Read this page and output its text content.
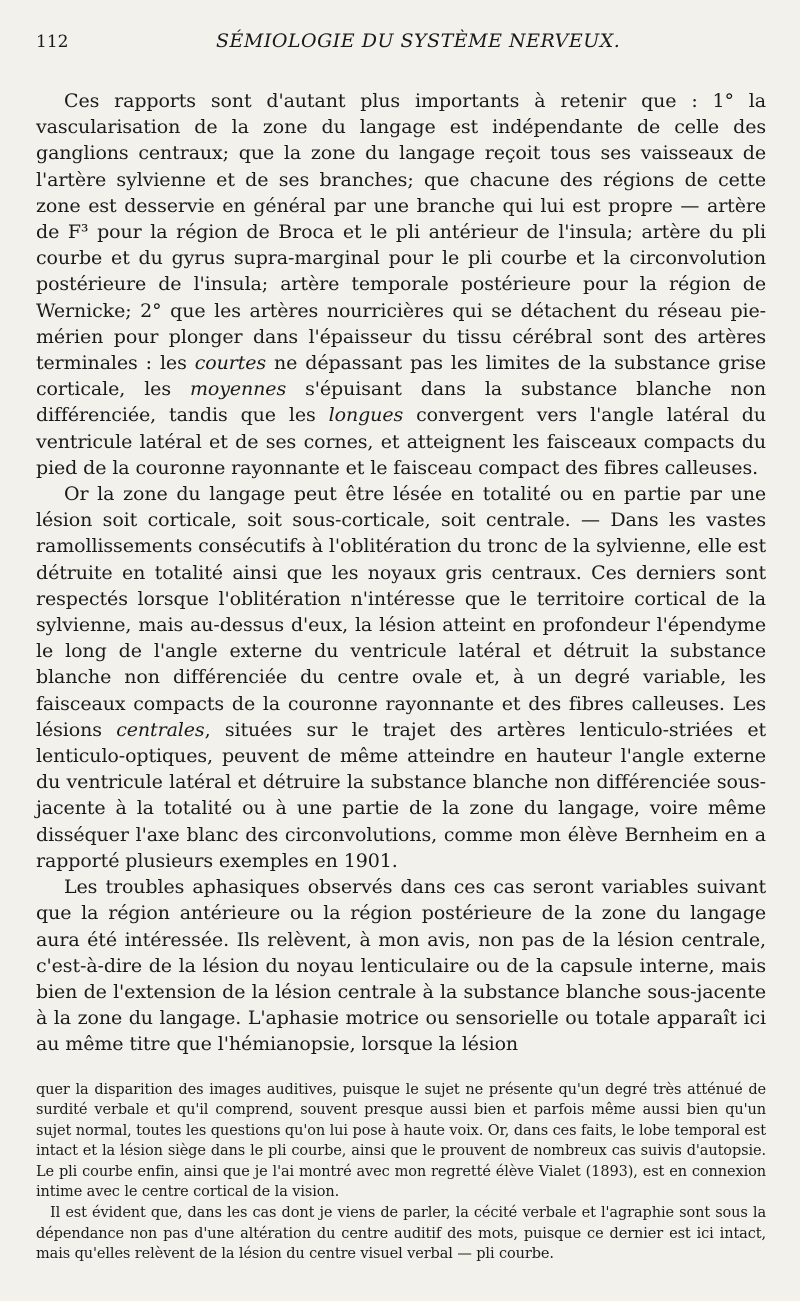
112	SÉMIOLOGIE DU SYSTÈME NERVEUX.

Ces rapports sont d'autant plus importants à retenir que : 1° la vascularisation de la zone du langage est indépendante de celle des ganglions centraux; que la zone du langage reçoit tous ses vaisseaux de l'artère sylvienne et de ses branches; que chacune des régions de cette zone est desservie en général par une branche qui lui est propre — artère de F³ pour la région de Broca et le pli antérieur de l'insula; artère du pli courbe et du gyrus supra-marginal pour le pli courbe et la circonvolution postérieure de l'insula; artère temporale postérieure pour la région de Wernicke; 2° que les artères nourricières qui se détachent du réseau pie-mérien pour plonger dans l'épaisseur du tissu cérébral sont des artères terminales : les courtes ne dépassant pas les limites de la substance grise corticale, les moyennes s'épuisant dans la substance blanche non différenciée, tandis que les longues convergent vers l'angle latéral du ventricule latéral et de ses cornes, et atteignent les faisceaux compacts du pied de la couronne rayonnante et le faisceau compact des fibres calleuses.

Or la zone du langage peut être lésée en totalité ou en partie par une lésion soit corticale, soit sous-corticale, soit centrale. — Dans les vastes ramollissements consécutifs à l'oblitération du tronc de la sylvienne, elle est détruite en totalité ainsi que les noyaux gris centraux. Ces derniers sont respectés lorsque l'oblitération n'intéresse que le territoire cortical de la sylvienne, mais au-dessus d'eux, la lésion atteint en profondeur l'épendyme le long de l'angle externe du ventricule latéral et détruit la substance blanche non différenciée du centre ovale et, à un degré variable, les faisceaux compacts de la couronne rayonnante et des fibres calleuses. Les lésions centrales, situées sur le trajet des artères lenticulo-striées et lenticulo-optiques, peuvent de même atteindre en hauteur l'angle externe du ventricule latéral et détruire la substance blanche non différenciée sous-jacente à la totalité ou à une partie de la zone du langage, voire même disséquer l'axe blanc des circonvolutions, comme mon élève Bernheim en a rapporté plusieurs exemples en 1901.

Les troubles aphasiques observés dans ces cas seront variables suivant que la région antérieure ou la région postérieure de la zone du langage aura été intéressée. Ils relèvent, à mon avis, non pas de la lésion centrale, c'est-à-dire de la lésion du noyau lenticulaire ou de la capsule interne, mais bien de l'extension de la lésion centrale à la substance blanche sous-jacente à la zone du langage. L'aphasie motrice ou sensorielle ou totale apparaît ici au même titre que l'hémianopsie, lorsque la lésion

quer la disparition des images auditives, puisque le sujet ne présente qu'un degré très atténué de surdité verbale et qu'il comprend, souvent presque aussi bien et parfois même aussi bien qu'un sujet normal, toutes les questions qu'on lui pose à haute voix. Or, dans ces faits, le lobe temporal est intact et la lésion siège dans le pli courbe, ainsi que le prouvent de nombreux cas suivis d'autopsie. Le pli courbe enfin, ainsi que je l'ai montré avec mon regretté élève Vialet (1893), est en connexion intime avec le centre cortical de la vision.

Il est évident que, dans les cas dont je viens de parler, la cécité verbale et l'agraphie sont sous la dépendance non pas d'une altération du centre auditif des mots, puisque ce dernier est ici intact, mais qu'elles relèvent de la lésion du centre visuel verbal — pli courbe.
